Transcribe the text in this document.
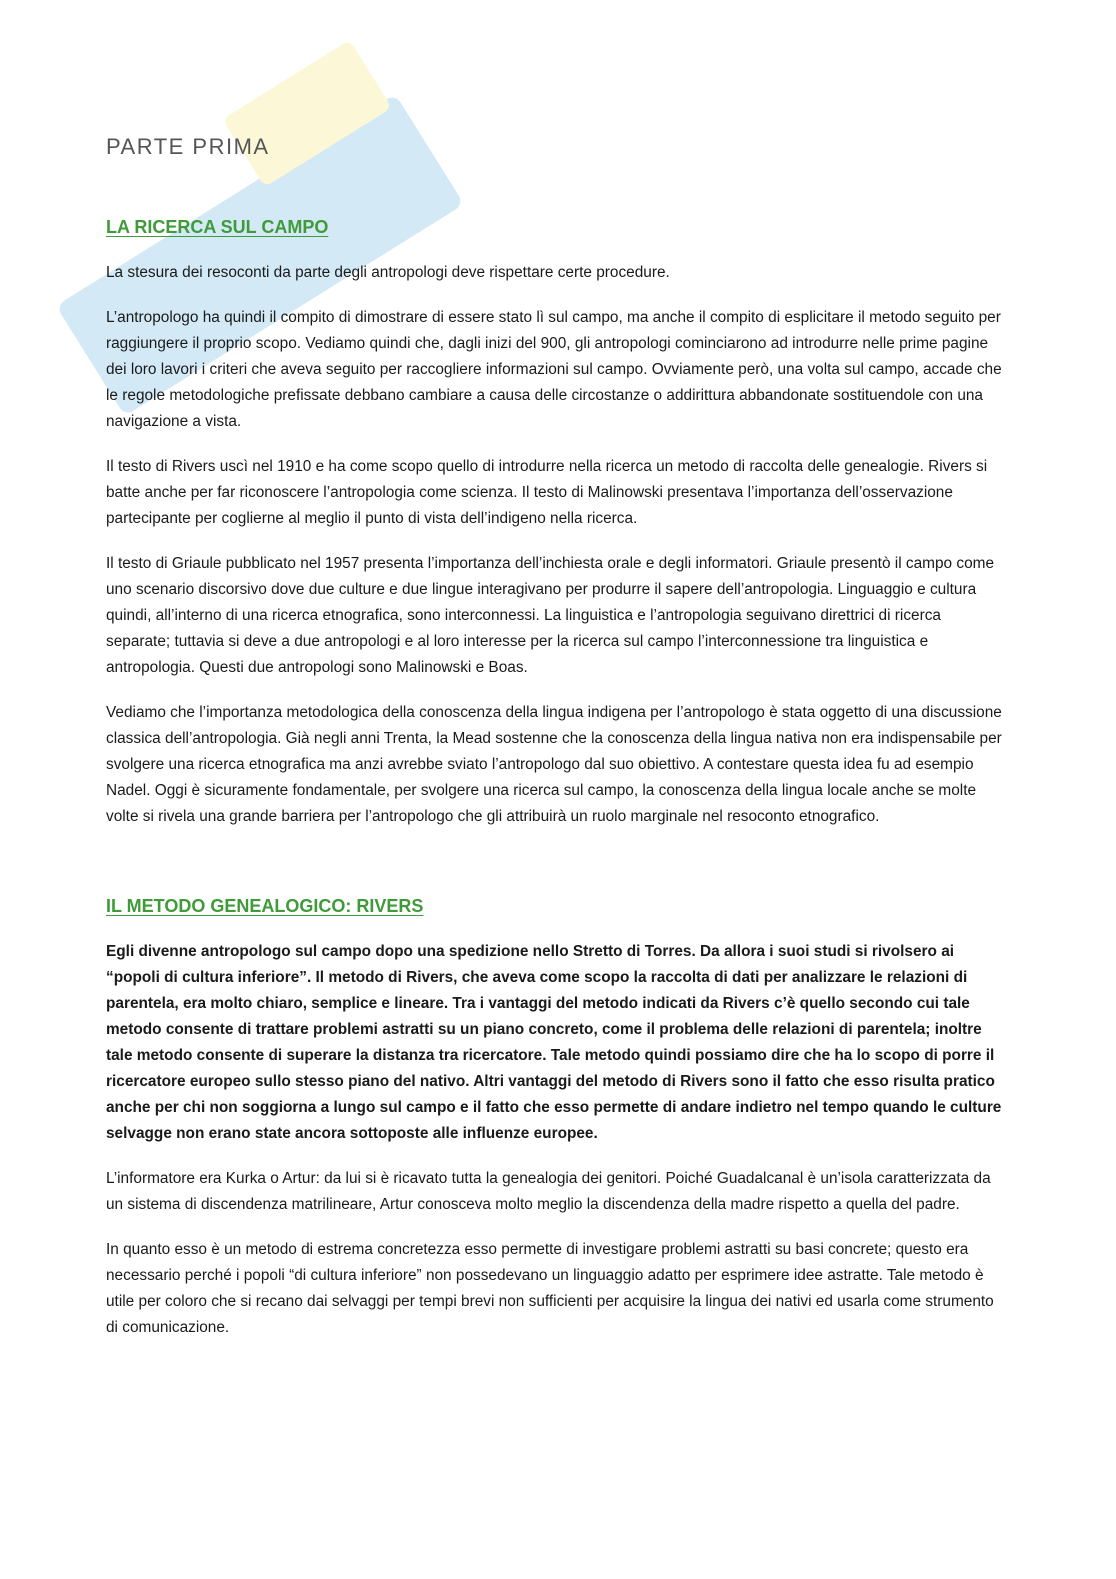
PARTE PRIMA
LA RICERCA SUL CAMPO

La stesura dei resoconti da parte degli antropologi deve rispettare certe procedure.

L’antropologo ha quindi il compito di dimostrare di essere stato lì sul campo, ma anche il compito di esplicitare il metodo seguito per raggiungere il proprio scopo. Vediamo quindi che, dagli inizi del 900, gli antropologi cominciarono ad introdurre nelle prime pagine dei loro lavori i criteri che aveva seguito per raccogliere informazioni sul campo. Ovviamente però, una volta sul campo, accade che le regole metodologiche prefissate debbano cambiare a causa delle circostanze o addirittura abbandonate sostituendole con una navigazione a vista.

Il testo di Rivers uscì nel 1910 e ha come scopo quello di introdurre nella ricerca un metodo di raccolta delle genealogie. Rivers si batte anche per far riconoscere l’antropologia come scienza. Il testo di Malinowski presentava l’importanza dell’osservazione partecipante per coglierne al meglio il punto di vista dell’indigeno nella ricerca.

Il testo di Griaule pubblicato nel 1957 presenta l’importanza dell’inchiesta orale e degli informatori. Griaule presentò il campo come uno scenario discorsivo dove due culture e due lingue interagivano per produrre il sapere dell’antropologia. Linguaggio e cultura quindi, all’interno di una ricerca etnografica, sono interconnessi. La linguistica e l’antropologia seguivano direttrici di ricerca separate; tuttavia si deve a due antropologi e al loro interesse per la ricerca sul campo l’interconnessione tra linguistica e antropologia. Questi due antropologi sono Malinowski e Boas.

Vediamo che l’importanza metodologica della conoscenza della lingua indigena per l’antropologo è stata oggetto di una discussione classica dell’antropologia. Già negli anni Trenta, la Mead sostenne che la conoscenza della lingua nativa non era indispensabile per svolgere una ricerca etnografica ma anzi avrebbe sviato l’antropologo dal suo obiettivo. A contestare questa idea fu ad esempio Nadel. Oggi è sicuramente fondamentale, per svolgere una ricerca sul campo, la conoscenza della lingua locale anche se molte volte si rivela una grande barriera per l’antropologo che gli attribuirà un ruolo marginale nel resoconto etnografico.

IL METODO GENEALOGICO: RIVERS

Egli divenne antropologo sul campo dopo una spedizione nello Stretto di Torres. Da allora i suoi studi si rivolsero ai “popoli di cultura inferiore”. Il metodo di Rivers, che aveva come scopo la raccolta di dati per analizzare le relazioni di parentela, era molto chiaro, semplice e lineare. Tra i vantaggi del metodo indicati da Rivers c’è quello secondo cui tale metodo consente di trattare problemi astratti su un piano concreto, come il problema delle relazioni di parentela; inoltre tale metodo consente di superare la distanza tra ricercatore. Tale metodo quindi possiamo dire che ha lo scopo di porre il ricercatore europeo sullo stesso piano del nativo. Altri vantaggi del metodo di Rivers sono il fatto che esso risulta pratico anche per chi non soggiorna a lungo sul campo e il fatto che esso permette di andare indietro nel tempo quando le culture selvagge non erano state ancora sottoposte alle influenze europee.

L’informatore era Kurka o Artur: da lui si è ricavato tutta la genealogia dei genitori. Poiché Guadalcanal è un’isola caratterizzata da un sistema di discendenza matrilineare, Artur conosceva molto meglio la discendenza della madre rispetto a quella del padre.

In quanto esso è un metodo di estrema concretezza esso permette di investigare problemi astratti su basi concrete; questo era necessario perché i popoli “di cultura inferiore” non possedevano un linguaggio adatto per esprimere idee astratte. Tale metodo è utile per coloro che si recano dai selvaggi per tempi brevi non sufficienti per acquisire la lingua dei nativi ed usarla come strumento di comunicazione.
